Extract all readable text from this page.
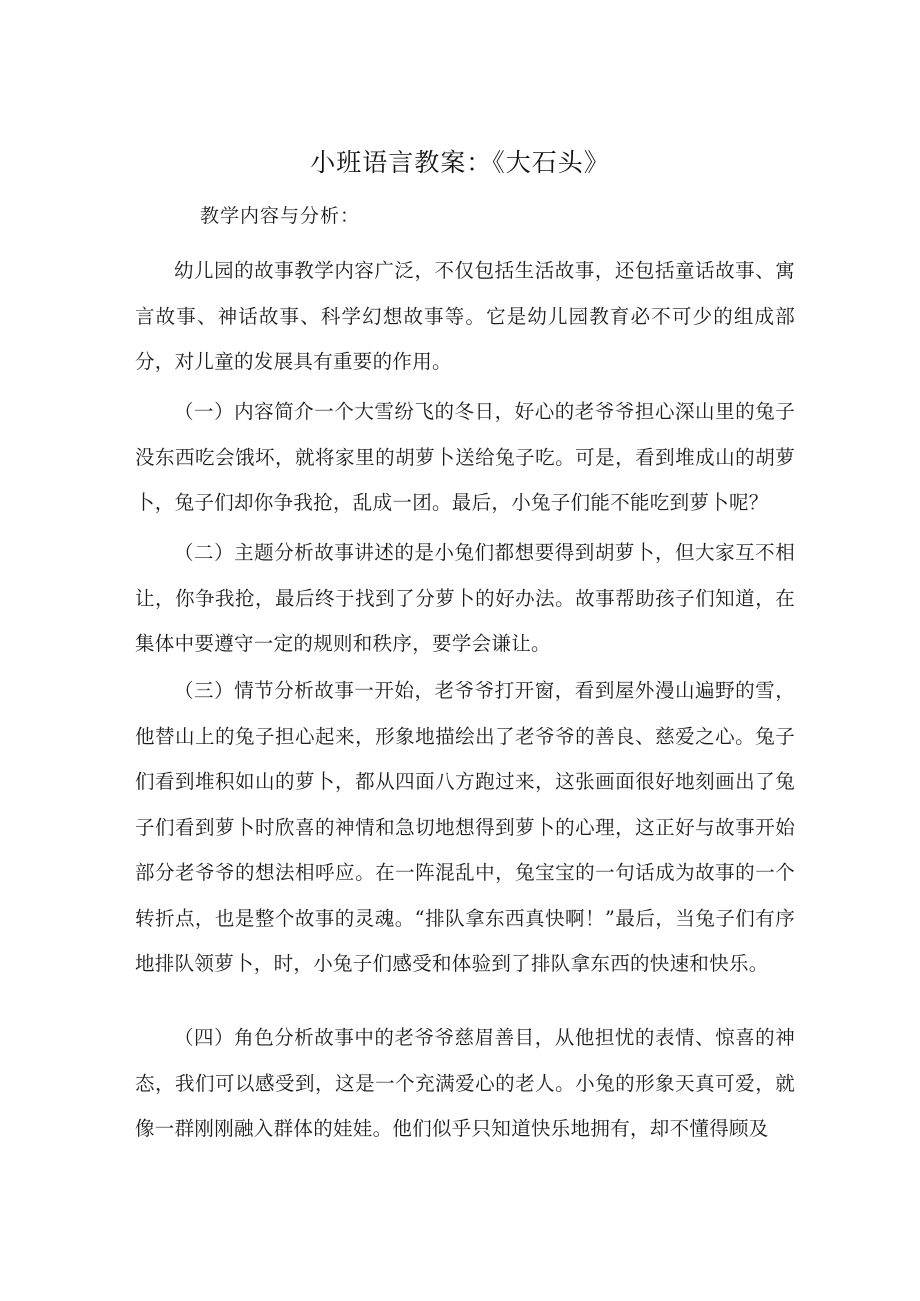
小班语言教案：《大石头》
教学内容与分析：
幼儿园的故事教学内容广泛，不仅包括生活故事，还包括童话故事、寓言故事、神话故事、科学幻想故事等。它是幼儿园教育必不可少的组成部分，对儿童的发展具有重要的作用。
（一）内容简介一个大雪纷飞的冬日，好心的老爷爷担心深山里的兔子没东西吃会饿坏，就将家里的胡萝卜送给兔子吃。可是，看到堆成山的胡萝卜，兔子们却你争我抢，乱成一团。最后，小兔子们能不能吃到萝卜呢？
（二）主题分析故事讲述的是小兔们都想要得到胡萝卜，但大家互不相让，你争我抢，最后终于找到了分萝卜的好办法。故事帮助孩子们知道，在集体中要遵守一定的规则和秩序，要学会谦让。
（三）情节分析故事一开始，老爷爷打开窗，看到屋外漫山遍野的雪，他替山上的兔子担心起来，形象地描绘出了老爷爷的善良、慈爱之心。兔子们看到堆积如山的萝卜，都从四面八方跑过来，这张画面很好地刻画出了兔子们看到萝卜时欣喜的神情和急切地想得到萝卜的心理，这正好与故事开始部分老爷爷的想法相呼应。在一阵混乱中，兔宝宝的一句话成为故事的一个转折点，也是整个故事的灵魂。“排队拿东西真快啊！”最后，当兔子们有序地排队领萝卜，时，小兔子们感受和体验到了排队拿东西的快速和快乐。
（四）角色分析故事中的老爷爷慈眉善目，从他担忧的表情、惊喜的神态，我们可以感受到，这是一个充满爱心的老人。小兔的形象天真可爱，就像一群刚刚融入群体的娃娃。他们似乎只知道快乐地拥有，却不懂得顾及
